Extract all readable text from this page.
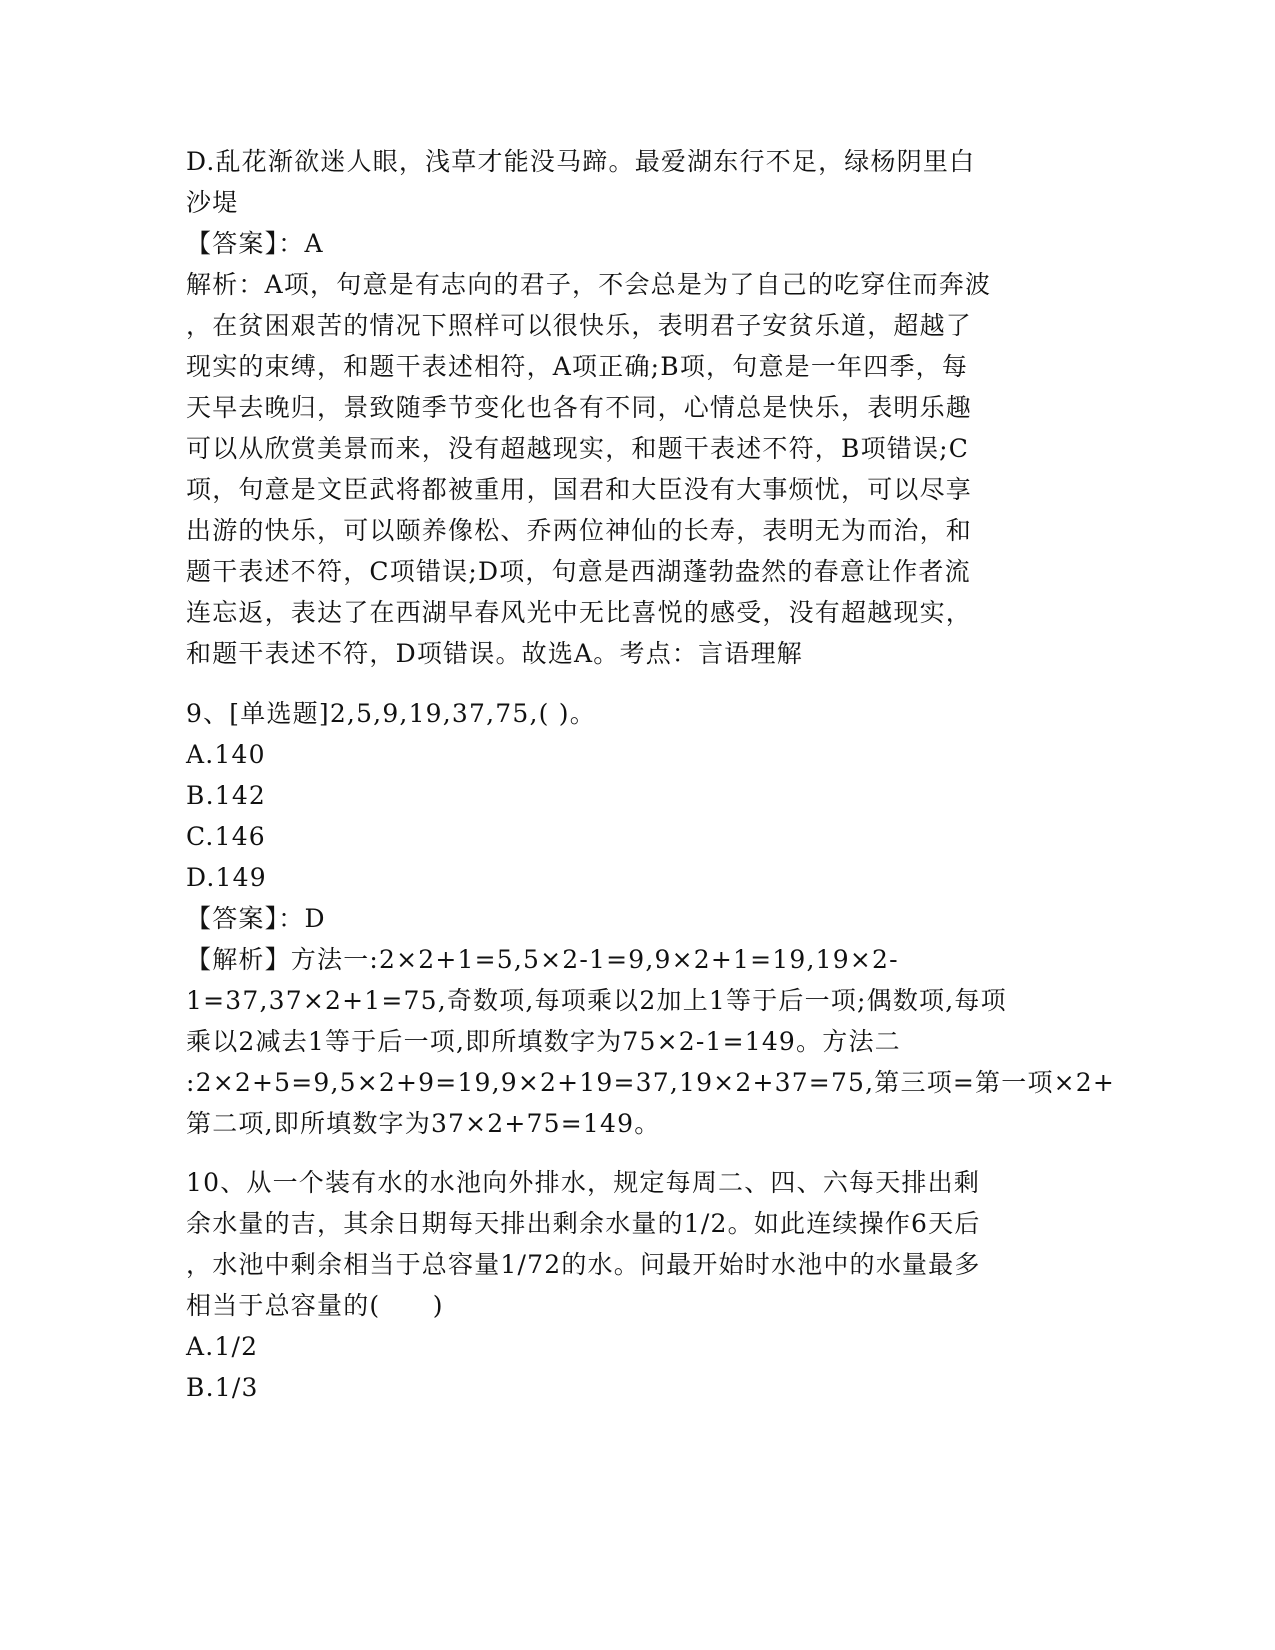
D.乱花渐欲迷人眼，浅草才能没马蹄。最爱湖东行不足，绿杨阴里白
沙堤
【答案】：A
解析：A项，句意是有志向的君子，不会总是为了自己的吃穿住而奔波
，在贫困艰苦的情况下照样可以很快乐，表明君子安贫乐道，超越了
现实的束缚，和题干表述相符，A项正确;B项，句意是一年四季，每
天早去晚归，景致随季节变化也各有不同，心情总是快乐，表明乐趣
可以从欣赏美景而来，没有超越现实，和题干表述不符，B项错误;C
项，句意是文臣武将都被重用，国君和大臣没有大事烦忧，可以尽享
出游的快乐，可以颐养像松、乔两位神仙的长寿，表明无为而治，和
题干表述不符，C项错误;D项，句意是西湖蓬勃盎然的春意让作者流
连忘返，表达了在西湖早春风光中无比喜悦的感受，没有超越现实，
和题干表述不符，D项错误。故选A。考点：言语理解
9、[单选题]2,5,9,19,37,75,( )。
A.140
B.142
C.146
D.149
【答案】：D
【解析】方法一:2×2+1=5,5×2-1=9,9×2+1=19,19×2-
1=37,37×2+1=75,奇数项,每项乘以2加上1等于后一项;偶数项,每项
乘以2减去1等于后一项,即所填数字为75×2-1=149。方法二
:2×2+5=9,5×2+9=19,9×2+19=37,19×2+37=75,第三项=第一项×2+
第二项,即所填数字为37×2+75=149。
10、从一个装有水的水池向外排水，规定每周二、四、六每天排出剩
余水量的吉，其余日期每天排出剩余水量的1/2。如此连续操作6天后
，水池中剩余相当于总容量1/72的水。问最开始时水池中的水量最多
相当于总容量的(　　)
A.1/2
B.1/3
